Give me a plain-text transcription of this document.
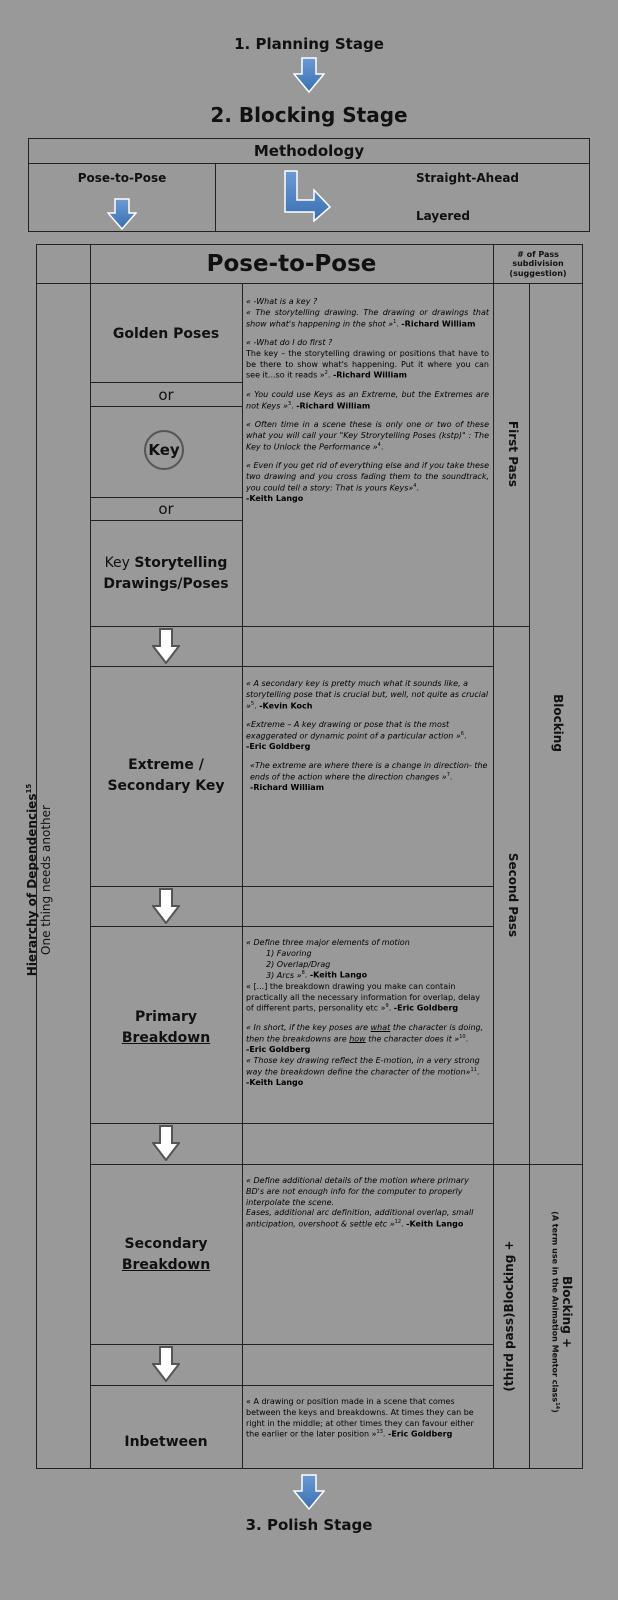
1. Planning Stage
2. Blocking Stage
Methodology
Pose-to-Pose	Straight-Ahead
Layered
Pose-to-Pose	# of Pass subdivision (suggestion)
Hierarchy of Dependencies$^{15}$
One thing needs another
Golden Poses
or
Key
or
Key Storytelling
Drawings/Poses
Extreme /
Secondary Key
Primary
Breakdown
Secondary
Breakdown
Inbetween

« -What is a key ?
« The storytelling drawing. The drawing or drawings that show what's happening in the shot »$^1$. -Richard William

« -What do I do first ?
The key – the storytelling drawing or positions that have to be there to show what's happening. Put it where you can see it...so it reads »$^2$. -Richard William

« You could use Keys as an Extreme, but the Extremes are not Keys »$^3$. -Richard William

« Often time in a scene these is only one or two of these what you will call your "Key Strorytelling Poses (kstp)" : The Key to Unlock the Performance »$^4$.

« Even if you get rid of everything else and if you take these two drawing and you cross fading them to the soundtrack, you could tell a story: That is yours Keys»$^4$.
-Keith Lango

« A secondary key is pretty much what it sounds like, a storytelling pose that is crucial but, well, not quite as crucial »$^5$. -Kevin Koch

«Extreme – A key drawing or pose that is the most exaggerated or dynamic point of a particular action »$^6$.
-Eric Goldberg

«The extreme are where there is a change in direction- the ends of the action where the direction changes »$^7$.
-Richard William

« Define three major elements of motion
1) Favoring
2) Overlap/Drag
3) Arcs »$^8$. -Keith Lango

« [...] the breakdown drawing you make can contain practically all the necessary information for overlap, delay of different parts, personality etc »$^9$. -Eric Goldberg

« In short, if the key poses are what the character is doing, then the breakdowns are how the character does it »$^{10}$.
-Eric Goldberg

« Those key drawing reflect the E-motion, in a very strong way the breakdown define the character of the motion»$^{11}$.
-Keith Lango

« Define additional details of the motion where primary BD's are not enough info for the computer to properly interpolate the scene.
Eases, additional arc definition, additional overlap, small anticipation, overshoot & settle etc »$^{12}$. -Keith Lango

« A drawing or position made in a scene that comes between the keys and breakdowns. At times they can be right in the middle; at other times they can favour either the earlier or the later position »$^{13}$. -Eric Goldberg

First Pass
Second Pass
(third pass)Blocking +
Blocking
Blocking +
(A term use in the Animation Mentor class$^{14}$)
3. Polish Stage
